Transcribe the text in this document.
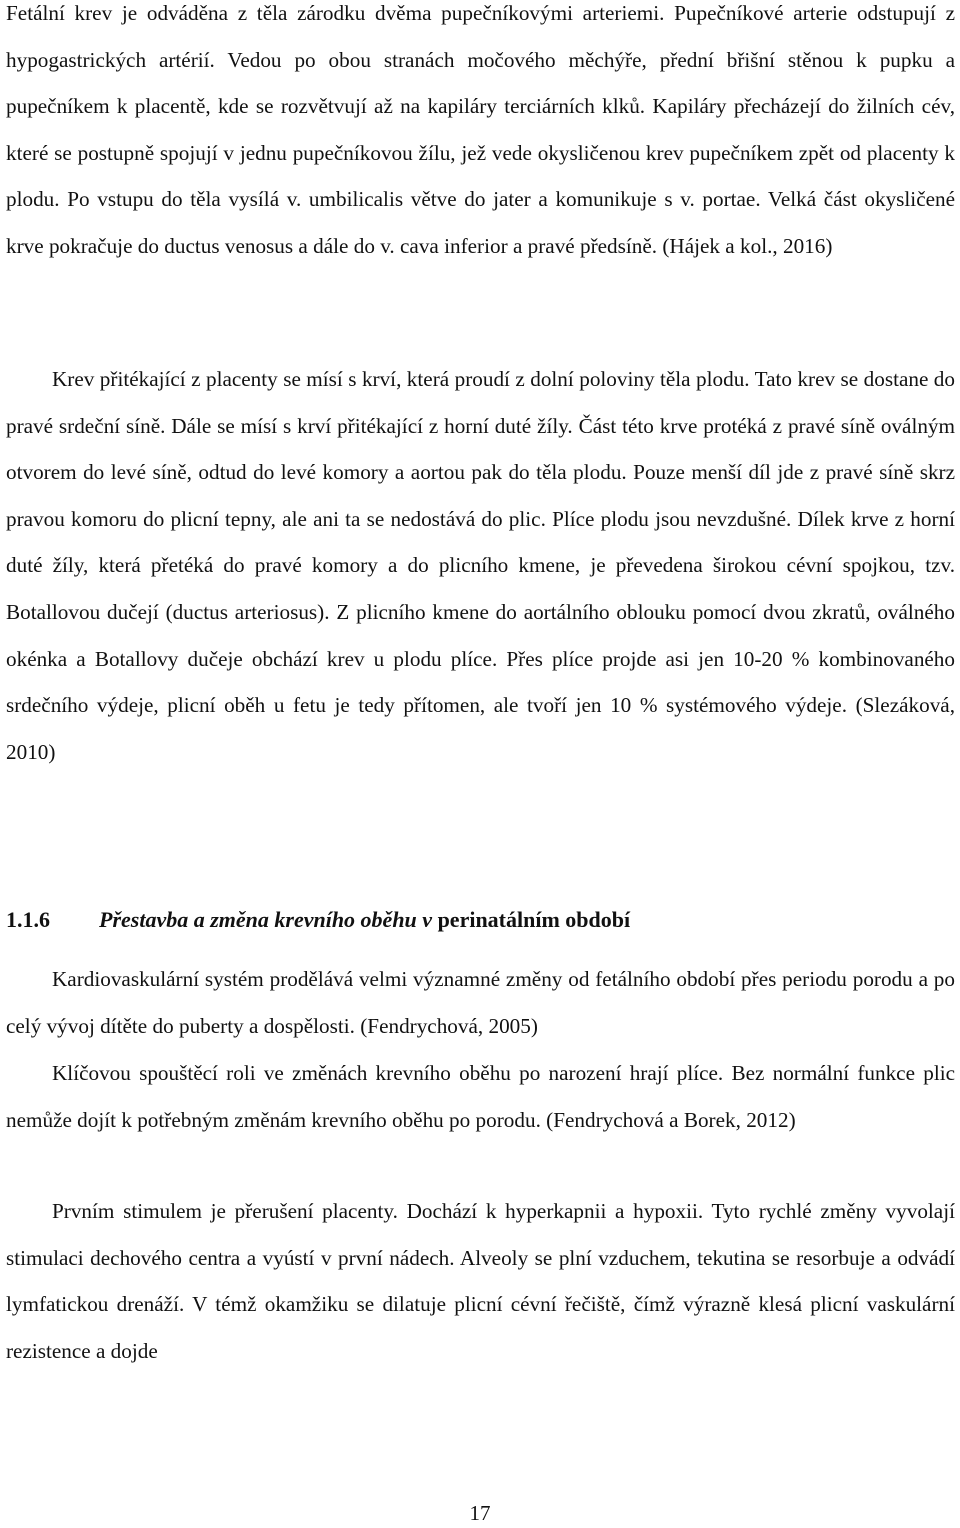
Fetální krev je odváděna z těla zárodku dvěma pupečníkovými arteriemi. Pupečníkové arterie odstupují z hypogastrických artérií. Vedou po obou stranách močového měchýře, přední břišní stěnou k pupku a pupečníkem k placentě, kde se rozvětvují až na kapiláry terciárních klků. Kapiláry přecházejí do žilních cév, které se postupně spojují v jednu pupečníkovou žílu, jež vede okysličenou krev pupečníkem zpět od placenty k plodu. Po vstupu do těla vysílá v. umbilicalis větve do jater a komunikuje s v. portae. Velká část okysličené krve pokračuje do ductus venosus a dále do v. cava inferior a pravé předsíně. (Hájek a kol., 2016)

Krev přitékající z placenty se mísí s krví, která proudí z dolní poloviny těla plodu. Tato krev se dostane do pravé srdeční síně. Dále se mísí s krví přitékající z horní duté žíly. Část této krve protéká z pravé síně oválným otvorem do levé síně, odtud do levé komory a aortou pak do těla plodu. Pouze menší díl jde z pravé síně skrz pravou komoru do plicní tepny, ale ani ta se nedostává do plic. Plíce plodu jsou nevzdušné. Dílek krve z horní duté žíly, která přetéká do pravé komory a do plicního kmene, je převedena širokou cévní spojkou, tzv. Botallovou dučejí (ductus arteriosus). Z plicního kmene do aortálního oblouku pomocí dvou zkratů, oválného okénka a Botallovy dučeje obchází krev u plodu plíce. Přes plíce projde asi jen 10-20 % kombinovaného srdečního výdeje, plicní oběh u fetu je tedy přítomen, ale tvoří jen 10 % systémového výdeje. (Slezáková, 2010)

1.1.6 Přestavba a změna krevního oběhu v perinatálním období

Kardiovaskulární systém prodělává velmi významné změny od fetálního období přes periodu porodu a po celý vývoj dítěte do puberty a dospělosti. (Fendrychová, 2005)

Klíčovou spouštěcí roli ve změnách krevního oběhu po narození hrají plíce. Bez normální funkce plic nemůže dojít k potřebným změnám krevního oběhu po porodu. (Fendrychová a Borek, 2012)

Prvním stimulem je přerušení placenty. Dochází k hyperkapnii a hypoxii. Tyto rychlé změny vyvolají stimulaci dechového centra a vyústí v první nádech. Alveoly se plní vzduchem, tekutina se resorbuje a odvádí lymfatickou drenáží. V témž okamžiku se dilatuje plicní cévní řečiště, čímž výrazně klesá plicní vaskulární rezistence a dojde

17
